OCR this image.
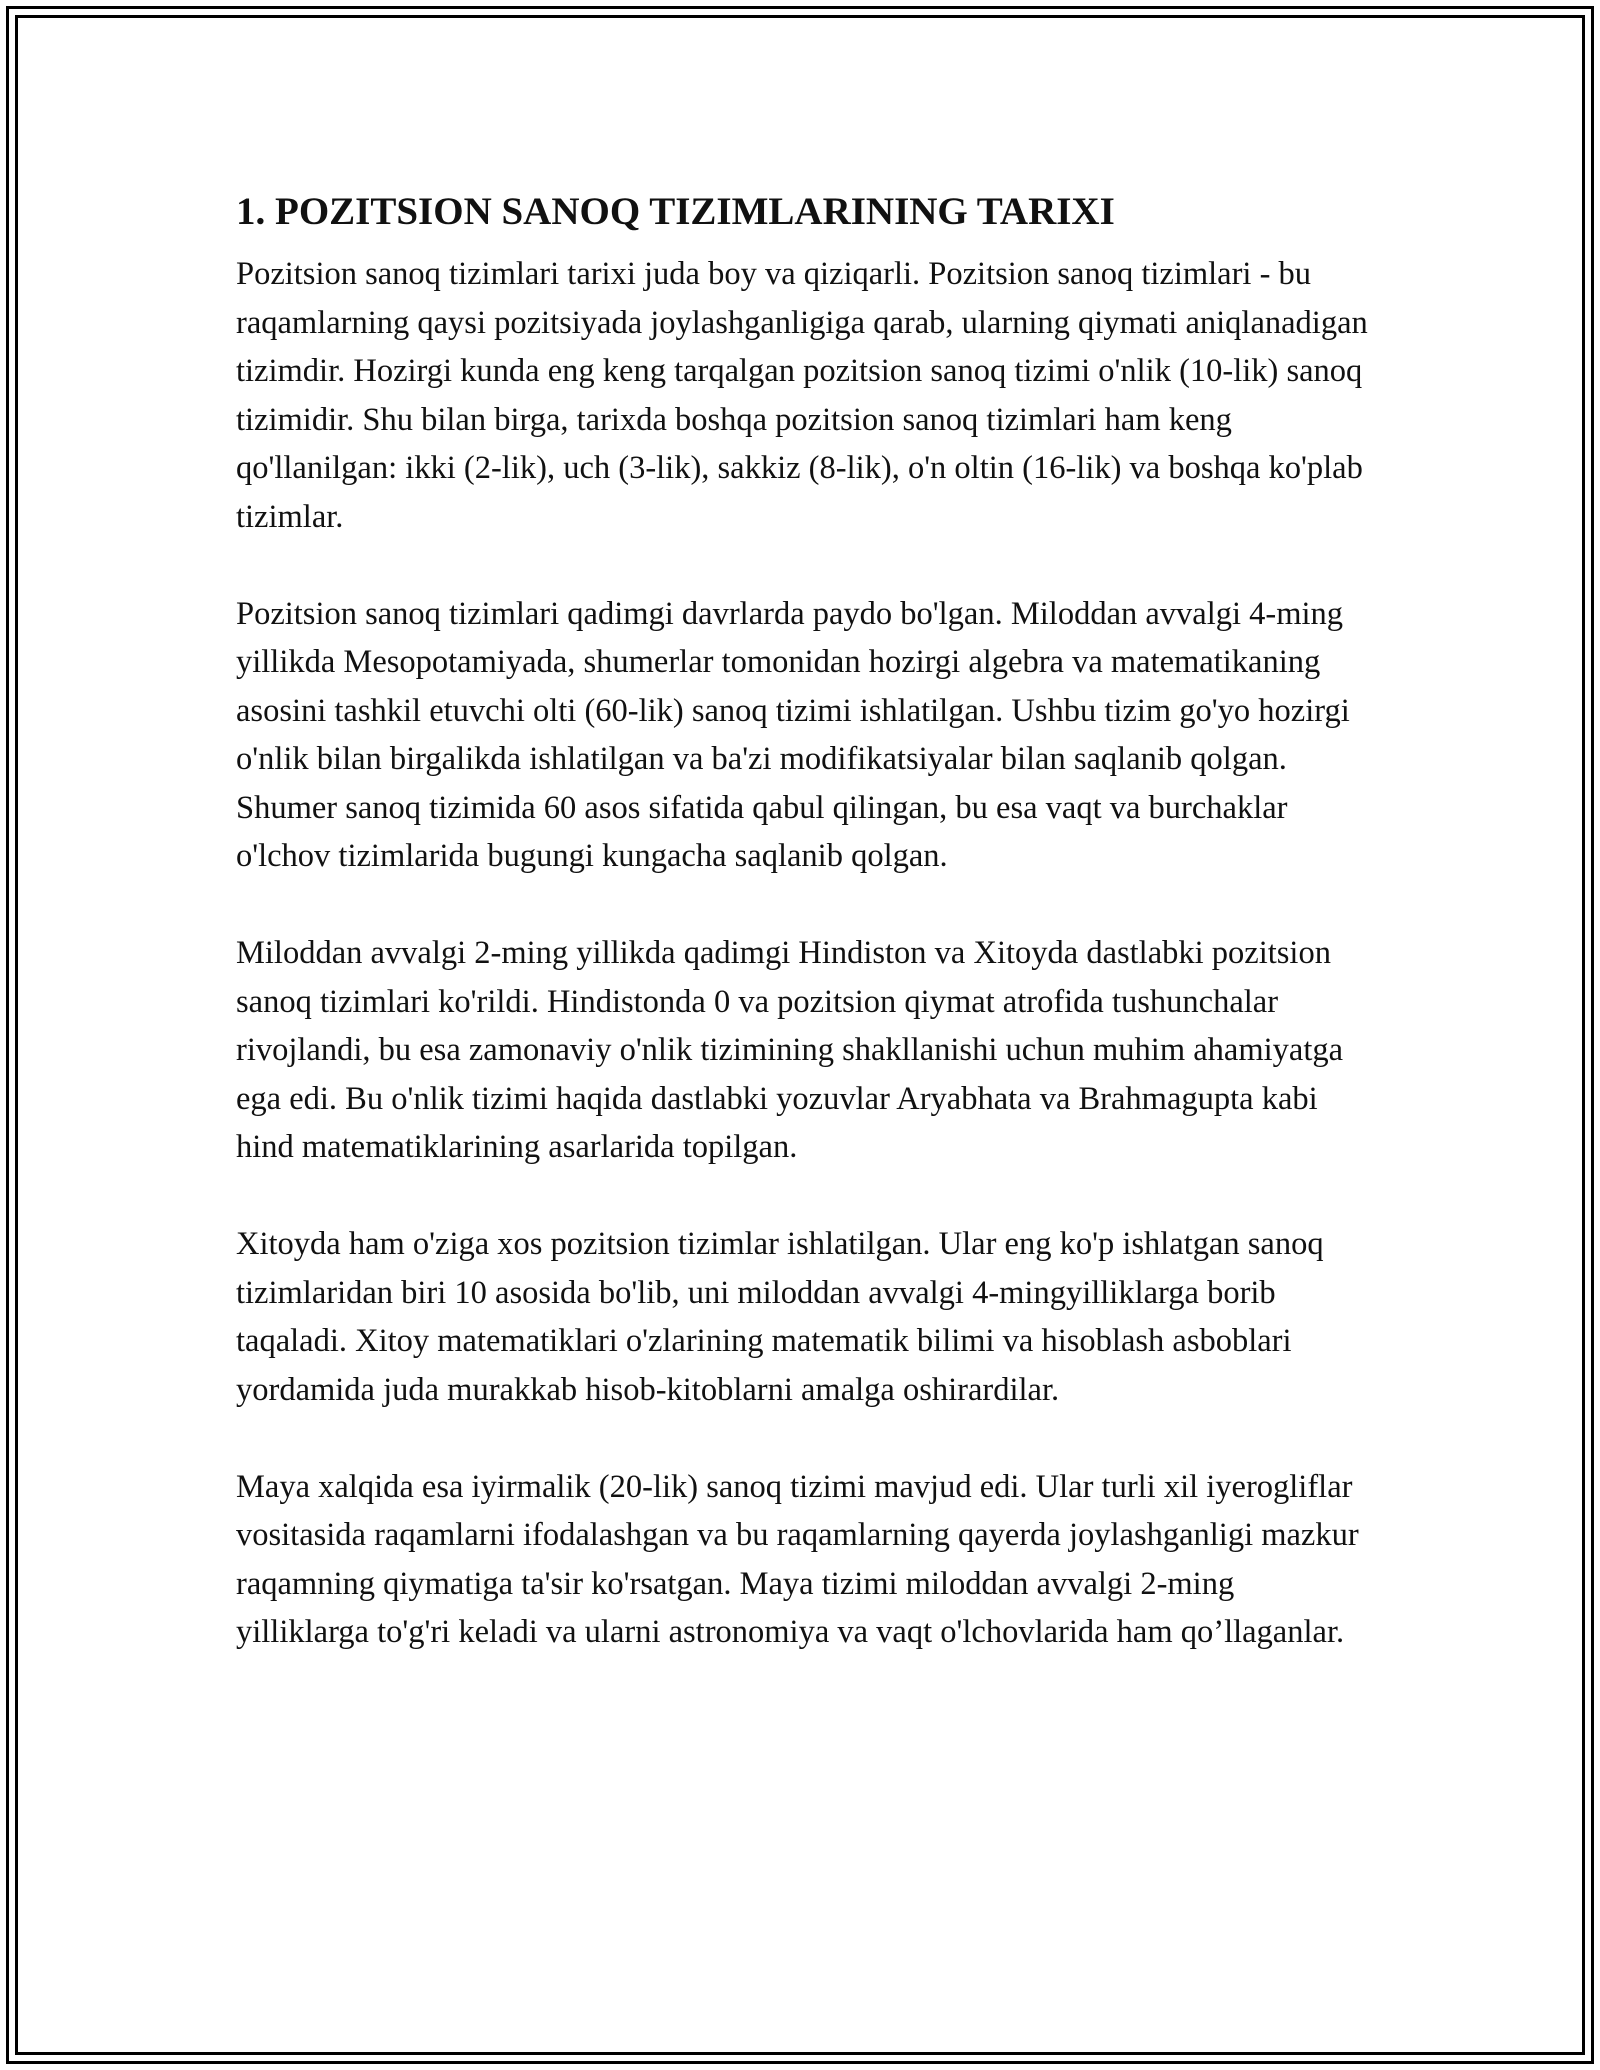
1. POZITSION SANOQ TIZIMLARINING TARIXI

Pozitsion sanoq tizimlari tarixi juda boy va qiziqarli. Pozitsion sanoq tizimlari - bu raqamlarning qaysi pozitsiyada joylashganligiga qarab, ularning qiymati aniqlanadigan tizimdir. Hozirgi kunda eng keng tarqalgan pozitsion sanoq tizimi o'nlik (10-lik) sanoq tizimidir. Shu bilan birga, tarixda boshqa pozitsion sanoq tizimlari ham keng qo'llanilgan: ikki (2-lik), uch (3-lik), sakkiz (8-lik), o'n oltin (16-lik) va boshqa ko'plab tizimlar.

Pozitsion sanoq tizimlari qadimgi davrlarda paydo bo'lgan. Miloddan avvalgi 4-ming yillikda Mesopotamiyada, shumerlar tomonidan hozirgi algebra va matematikaning asosini tashkil etuvchi olti (60-lik) sanoq tizimi ishlatilgan. Ushbu tizim go'yo hozirgi o'nlik bilan birgalikda ishlatilgan va ba'zi modifikatsiyalar bilan saqlanib qolgan. Shumer sanoq tizimida 60 asos sifatida qabul qilingan, bu esa vaqt va burchaklar o'lchov tizimlarida bugungi kungacha saqlanib qolgan.

Miloddan avvalgi 2-ming yillikda qadimgi Hindiston va Xitoyda dastlabki pozitsion sanoq tizimlari ko'rildi. Hindistonda 0 va pozitsion qiymat atrofida tushunchalar rivojlandi, bu esa zamonaviy o'nlik tizimining shakllanishi uchun muhim ahamiyatga ega edi. Bu o'nlik tizimi haqida dastlabki yozuvlar Aryabhata va Brahmagupta kabi hind matematiklarining asarlarida topilgan.

Xitoyda ham o'ziga xos pozitsion tizimlar ishlatilgan. Ular eng ko'p ishlatgan sanoq tizimlaridan biri 10 asosida bo'lib, uni miloddan avvalgi 4-mingyilliklarga borib taqaladi. Xitoy matematiklari o'zlarining matematik bilimi va hisoblash asboblari yordamida juda murakkab hisob-kitoblarni amalga oshirardilar.

Maya xalqida esa iyirmalik (20-lik) sanoq tizimi mavjud edi. Ular turli xil iyerogliflar vositasida raqamlarni ifodalashgan va bu raqamlarning qayerda joylashganligi mazkur raqamning qiymatiga ta'sir ko'rsatgan. Maya tizimi miloddan avvalgi 2-ming yilliklarga to'g'ri keladi va ularni astronomiya va vaqt o'lchovlarida ham qo’llaganlar.
